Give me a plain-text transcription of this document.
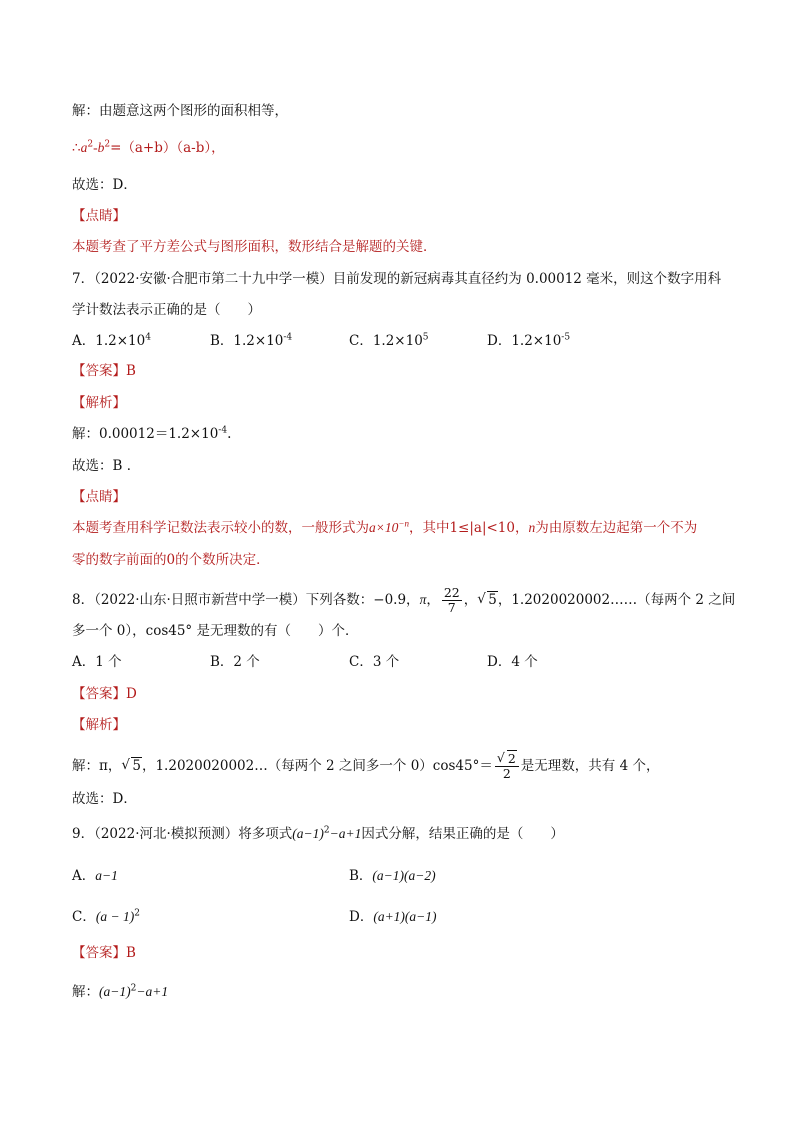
解：由题意这两个图形的面积相等，
$\therefore a^2-b^2=(a+b)(a-b)$，
故选：D．
【点睛】
本题考查了平方差公式与图形面积，数形结合是解题的关键．
7．（2022·安徽·合肥市第二十九中学一模）目前发现的新冠病毒其直径约为 0.00012 毫米，则这个数字用科
学计数法表示正确的是（　　）
A．$1.2\times 10^4$	B．$1.2\times 10^{-4}$	C．$1.2\times 10^5$	D．$1.2\times 10^{-5}$
【答案】B
【解析】
解：$0.00012=1.2\times 10^{-4}$.
故选：B ．
【点睛】
本题考查用科学记数法表示较小的数，一般形式为$a\times 10^{-n}$，其中1≤|a|<10，n为由原数左边起第一个不为
零的数字前面的0的个数所决定．
8．（2022·山东·日照市新营中学一模）下列各数：−0.9，π， $\frac{22}{7}$ ， √ 5，1.2020020002……（每两个 2 之间
多一个 0），cos45° 是无理数的有（　　）个．
A．1 个	B．2 个	C．3 个	D．4 个
【答案】D
【解析】
解：π， √ 5，1.2020020002…（每两个 2 之间多一个 0）cos45°＝ √ $\frac{2}{2}$ 是无理数，共有 4 个，
故选：D．
9．（2022·河北·模拟预测）将多项式$(a-1)^2-a+1$因式分解，结果正确的是（　　）
A．a−1	B．(a−1)(a−2)
C．$(a - 1)^2$	D．(a+1)(a−1)
【答案】B
解：$(a-1)^2-a+1$
